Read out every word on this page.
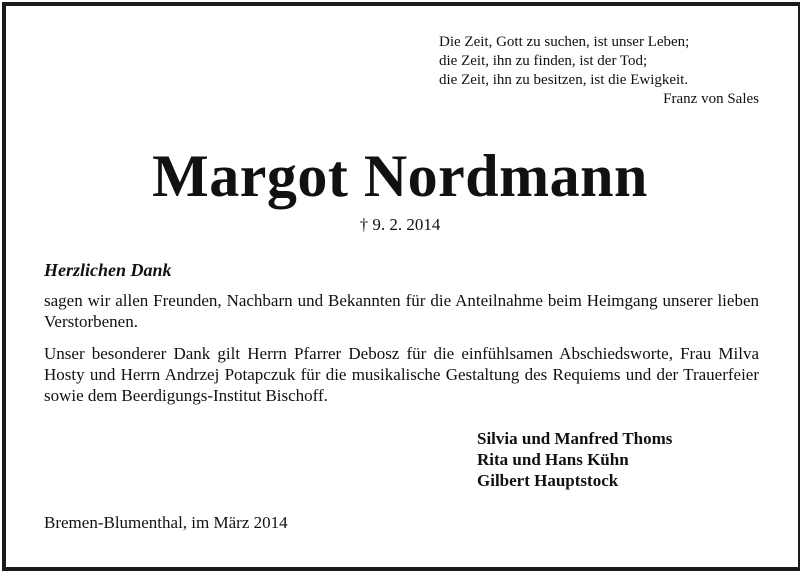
Die Zeit, Gott zu suchen, ist unser Leben;
die Zeit, ihn zu finden, ist der Tod;
die Zeit, ihn zu besitzen, ist die Ewigkeit.
Franz von Sales
Margot Nordmann
† 9. 2. 2014
Herzlichen Dank
sagen wir allen Freunden, Nachbarn und Bekannten für die Anteilnahme beim Heimgang unserer lieben Verstorbenen.
Unser besonderer Dank gilt Herrn Pfarrer Debosz für die einfühlsamen Abschiedsworte, Frau Milva Hosty und Herrn Andrzej Potapczuk für die musikalische Gestaltung des Requiems und der Trauerfeier sowie dem Beerdigungs-Institut Bischoff.
Silvia und Manfred Thoms
Rita und Hans Kühn
Gilbert Hauptstock
Bremen-Blumenthal, im März 2014
